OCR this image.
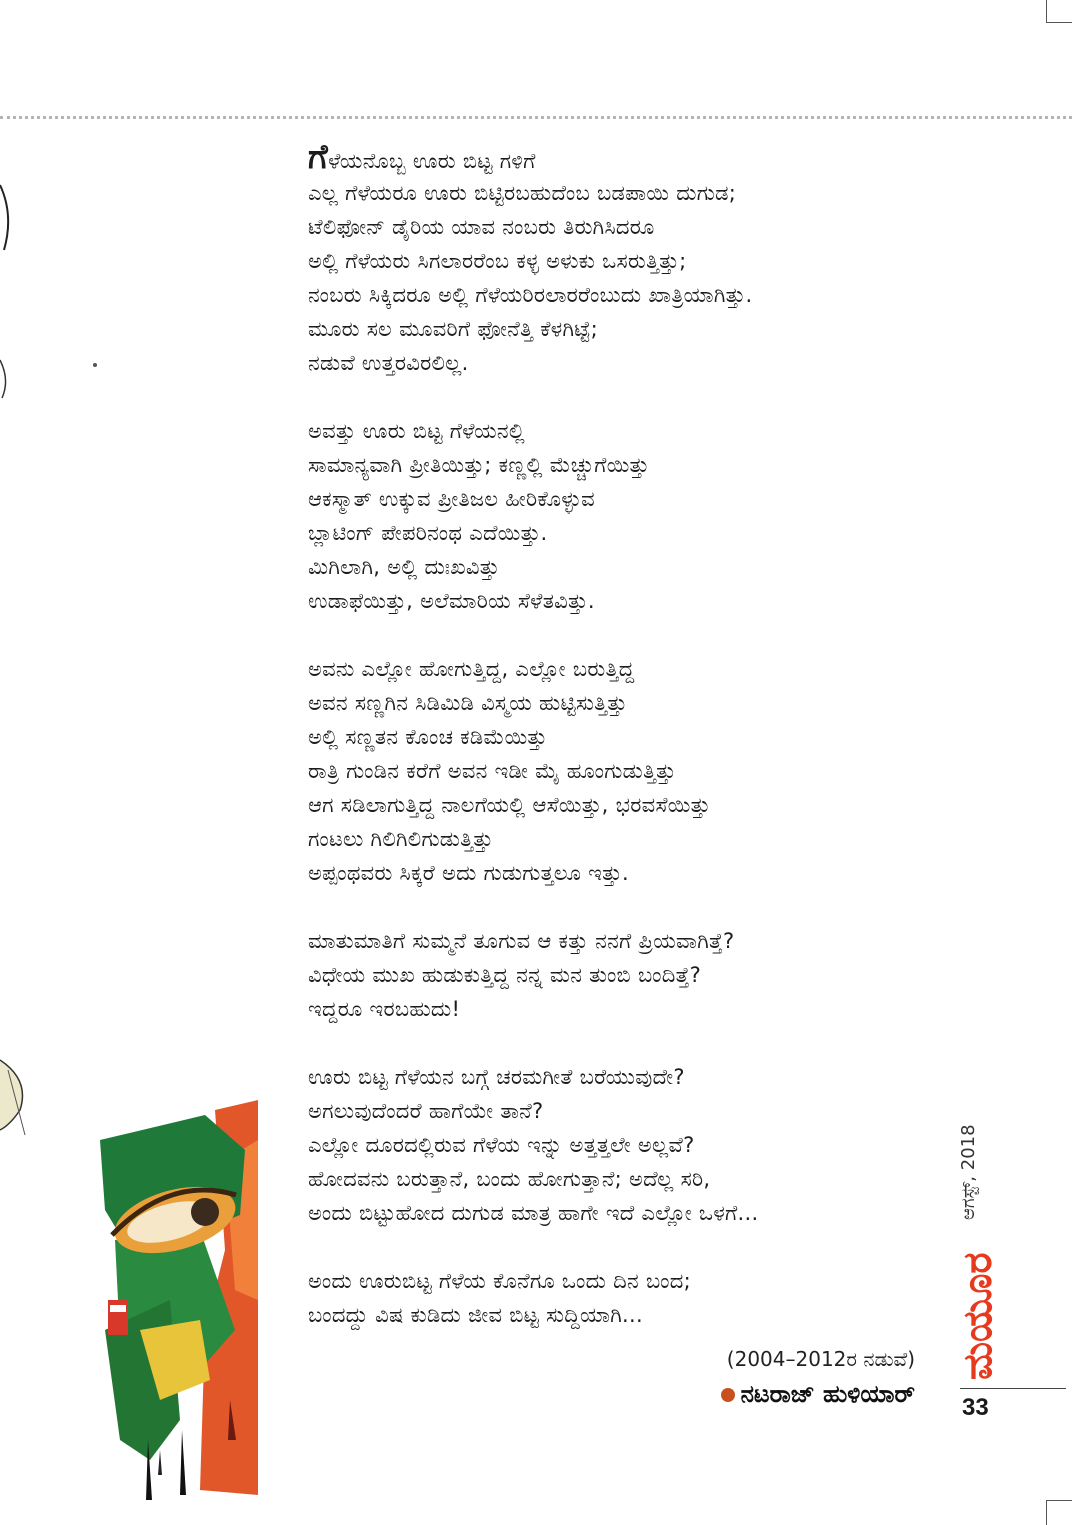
ಗೆಳೆಯನೊಬ್ಬ ಊರು ಬಿಟ್ಟ ಗಳಿಗೆ
ಎಲ್ಲ ಗೆಳೆಯರೂ ಊರು ಬಿಟ್ಟಿರಬಹುದೆಂಬ ಬಡಪಾಯಿ ದುಗುಡ;
ಟೆಲಿಫೋನ್ ಡೈರಿಯ ಯಾವ ನಂಬರು ತಿರುಗಿಸಿದರೂ
ಅಲ್ಲಿ ಗೆಳೆಯರು ಸಿಗಲಾರರೆಂಬ ಕಳ್ಳ ಅಳುಕು ಒಸರುತ್ತಿತ್ತು;
ನಂಬರು ಸಿಕ್ಕಿದರೂ ಅಲ್ಲಿ ಗೆಳೆಯರಿರಲಾರರೆಂಬುದು ಖಾತ್ರಿಯಾಗಿತ್ತು.
ಮೂರು ಸಲ ಮೂವರಿಗೆ ಫೋನೆತ್ತಿ ಕೆಳಗಿಟ್ಟೆ;
ನಡುವೆ ಉತ್ತರವಿರಲಿಲ್ಲ.
ಅವತ್ತು ಊರು ಬಿಟ್ಟ ಗೆಳೆಯನಲ್ಲಿ
ಸಾಮಾನ್ಯವಾಗಿ ಪ್ರೀತಿಯಿತ್ತು; ಕಣ್ಣಲ್ಲಿ ಮೆಚ್ಚುಗೆಯಿತ್ತು
ಆಕಸ್ಮಾತ್ ಉಕ್ಕುವ ಪ್ರೀತಿಜಲ ಹೀರಿಕೊಳ್ಳುವ
ಬ್ಲಾಟಿಂಗ್ ಪೇಪರಿನಂಥ ಎದೆಯಿತ್ತು.
ಮಿಗಿಲಾಗಿ, ಅಲ್ಲಿ ದುಃಖವಿತ್ತು
ಉಡಾಫೆಯಿತ್ತು, ಅಲೆಮಾರಿಯ ಸೆಳೆತವಿತ್ತು.
ಅವನು ಎಲ್ಲೋ ಹೋಗುತ್ತಿದ್ದ, ಎಲ್ಲೋ ಬರುತ್ತಿದ್ದ
ಅವನ ಸಣ್ಣಗಿನ ಸಿಡಿಮಿಡಿ ವಿಸ್ಮಯ ಹುಟ್ಟಿಸುತ್ತಿತ್ತು
ಅಲ್ಲಿ ಸಣ್ಣತನ ಕೊಂಚ ಕಡಿಮೆಯಿತ್ತು
ರಾತ್ರಿ ಗುಂಡಿನ ಕರೆಗೆ ಅವನ ಇಡೀ ಮೈ ಹೂಂಗುಡುತ್ತಿತ್ತು
ಆಗ ಸಡಿಲಾಗುತ್ತಿದ್ದ ನಾಲಗೆಯಲ್ಲಿ ಆಸೆಯಿತ್ತು, ಭರವಸೆಯಿತ್ತು
ಗಂಟಲು ಗಿಲಿಗಿಲಿಗುಡುತ್ತಿತ್ತು
ಅಪ್ಪಂಥವರು ಸಿಕ್ಕರೆ ಅದು ಗುಡುಗುತ್ತಲೂ ಇತ್ತು.
ಮಾತುಮಾತಿಗೆ ಸುಮ್ಮನೆ ತೂಗುವ ಆ ಕತ್ತು ನನಗೆ ಪ್ರಿಯವಾಗಿತ್ತೆ?
ವಿಧೇಯ ಮುಖ ಹುಡುಕುತ್ತಿದ್ದ ನನ್ನ ಮನ ತುಂಬಿ ಬಂದಿತ್ತೆ?
ಇದ್ದರೂ ಇರಬಹುದು!
ಊರು ಬಿಟ್ಟ ಗೆಳೆಯನ ಬಗ್ಗೆ ಚರಮಗೀತೆ ಬರೆಯುವುದೇ?
ಅಗಲುವುದೆಂದರೆ ಹಾಗೆಯೇ ತಾನೆ?
ಎಲ್ಲೋ ದೂರದಲ್ಲಿರುವ ಗೆಳೆಯ ಇನ್ನು ಅತ್ತತ್ತಲೇ ಅಲ್ಲವೆ?
ಹೋದವನು ಬರುತ್ತಾನೆ, ಬಂದು ಹೋಗುತ್ತಾನೆ; ಅದೆಲ್ಲ ಸರಿ,
ಅಂದು ಬಿಟ್ಟುಹೋದ ದುಗುಡ ಮಾತ್ರ ಹಾಗೇ ಇದೆ ಎಲ್ಲೋ ಒಳಗೆ...
ಅಂದು ಊರುಬಿಟ್ಟ ಗೆಳೆಯ ಕೊನೆಗೂ ಒಂದು ದಿನ ಬಂದ;
ಬಂದದ್ದು ವಿಷ ಕುಡಿದು ಜೀವ ಬಿಟ್ಟ ಸುದ್ದಿಯಾಗಿ...
(2004–2012ರ ನಡುವೆ)
ನಟರಾಜ್ ಹುಳಿಯಾರ್
ಆಗಸ್ಟ್, 2018
ಮಯೂರ
33
